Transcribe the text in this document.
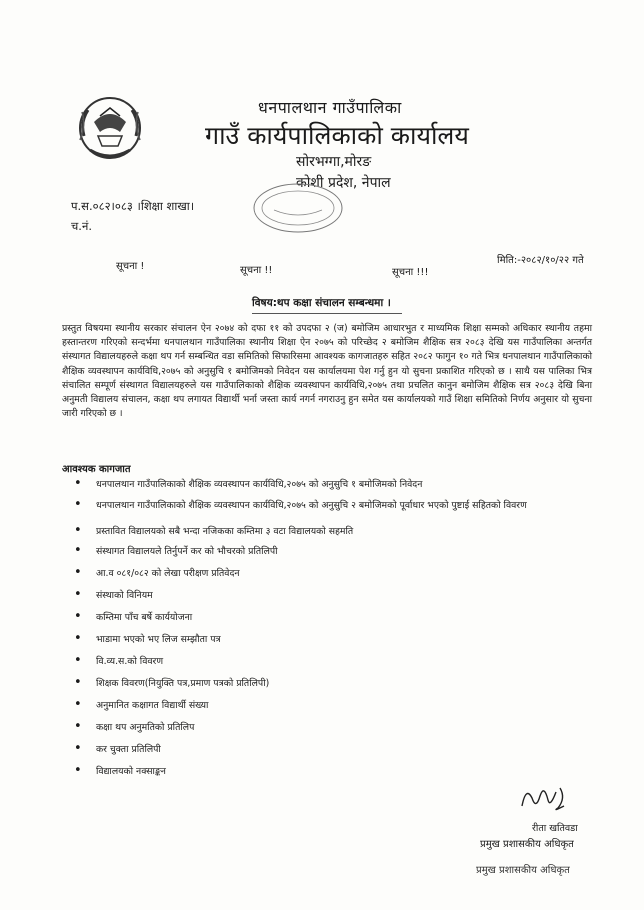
धनपालथान गाउँपालिका
गाउँ कार्यपालिकाको कार्यालय
सोरभग्गा,मोरङ
कोशी प्रदेश, नेपाल
प.स.०८२।०८३ ।शिक्षा शाखा।
च.नं.
सूचना !	सूचना !!	सूचना !!!
मिति:-२०८२/१०/२२ गते
विषय:थप कक्षा संचालन सम्बन्धमा ।
प्रस्तुत विषयमा स्थानीय सरकार संचालन ऐन २०७४ को दफा ११ को उपदफा २ (ज) बमोजिम आधारभुत र माध्यमिक शिक्षा सम्मको अधिकार स्थानीय तहमा हस्तान्तरण गरिएको सन्दर्भमा धनपालथान गाउँपालिका स्थानीय शिक्षा ऐन २०७५ को परिच्छेद २ बमोजिम शैक्षिक सत्र २०८३ देखि यस गाउँपालिका अन्तर्गत संस्थागत विद्यालयहरुले कक्षा थप गर्न सम्बन्धित वडा समितिको सिफारिसमा आवश्यक कागजातहरु सहित २०८२ फागुन १० गते भित्र धनपालथान गाउँपालिकाको शैक्षिक व्यवस्थापन कार्यविधि,२०७५ को अनुसुचि १ बमोजिमको निवेदन यस कार्यालयमा पेश गर्नु हुन यो सुचना प्रकाशित गरिएको छ । साथै यस पालिका भित्र संचालित सम्पूर्ण संस्थागत विद्यालयहरुले यस गाउँपालिकाको शैक्षिक व्यवस्थापन कार्यविधि,२०७५ तथा प्रचलित कानुन बमोजिम शैक्षिक सत्र २०८३ देखि बिना अनुमती विद्यालय संचालन, कक्षा थप लगायत विद्यार्थी भर्ना जस्ता कार्य नगर्न नगराउनु हुन समेत यस कार्यालयको गाउँ शिक्षा समितिको निर्णय अनुसार यो सुचना जारी गरिएको छ ।
आवश्यक कागजात
• धनपालथान गाउँपालिकाको शैक्षिक व्यवस्थापन कार्यविधि,२०७५ को अनुसुचि १ बमोजिमको निवेदन
• धनपालथान गाउँपालिकाको शैक्षिक व्यवस्थापन कार्यविधि,२०७५ को अनुसुचि २ बमोजिमको पूर्वाधार भएको पुष्टाई सहितको विवरण
• प्रस्तावित विद्यालयको सबै भन्दा नजिकका कम्तिमा ३ वटा विद्यालयको सहमति
• संस्थागत विद्यालयले तिर्नुपर्ने कर को भौचरको प्रतिलिपी
• आ.व ०८१/०८२ को लेखा परीक्षण प्रतिवेदन
• संस्थाको विनियम
• कम्तिमा पाँच बर्षे कार्ययोजना
• भाडामा भएको भए लिज सम्झौता पत्र
• वि.व्य.स.को विवरण
• शिक्षक विवरण(नियुक्ति पत्र,प्रमाण पत्रको प्रतिलिपी)
• अनुमानित कक्षागत विद्यार्थी संख्या
• कक्षा थप अनुमतिको प्रतिलिप
• कर चुक्ता प्रतिलिपी
• विद्यालयको नक्साङ्कन
रीता खतिवडा
प्रमुख प्रशासकीय अधिकृत
प्रमुख प्रशासकीय अधिकृत
